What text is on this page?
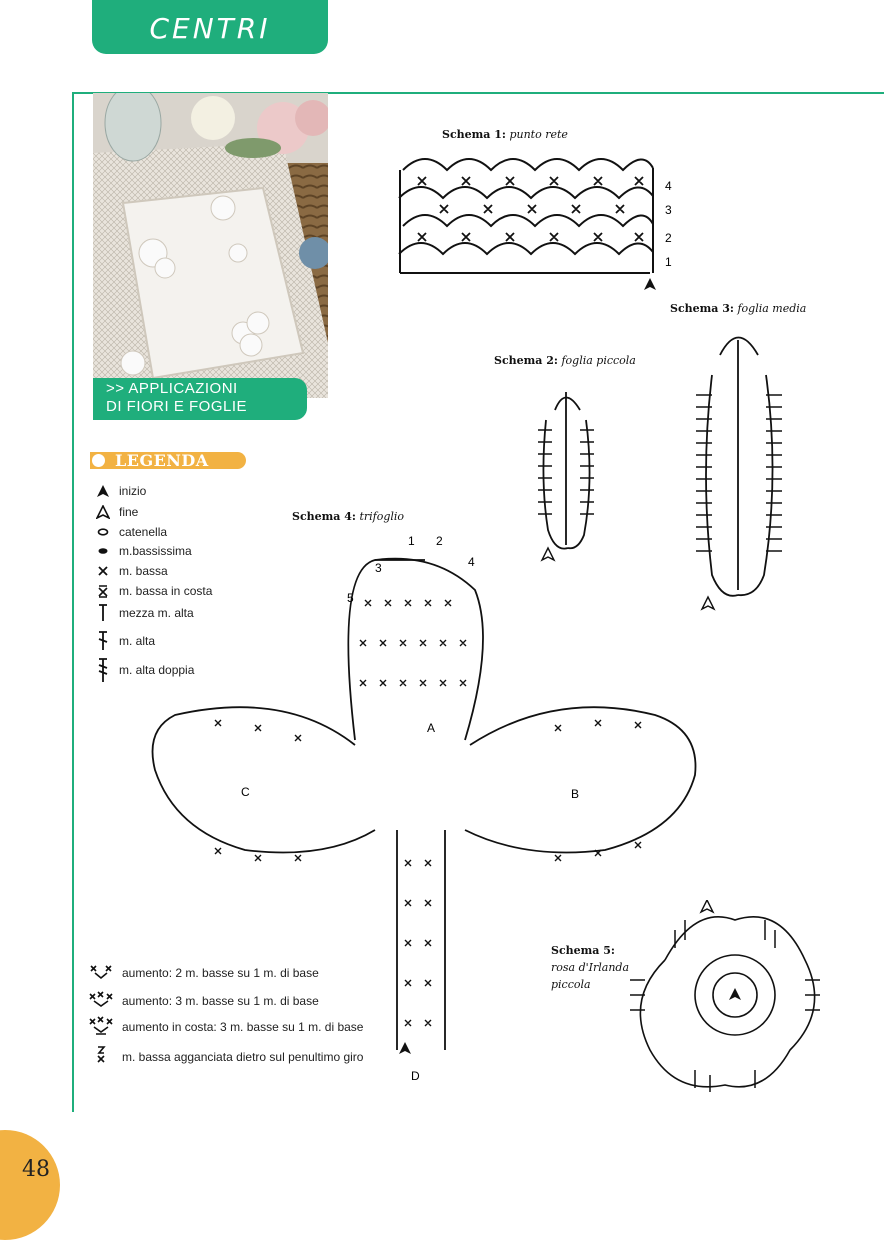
CENTRI
>> APPLICAZIONI
DI FIORI E FOGLIE
LEGENDA
inizio
fine
catenella
m.bassissima
m. bassa
m. bassa in costa
mezza m. alta
m. alta
m. alta doppia
aumento: 2 m. basse su 1 m. di base
aumento: 3 m. basse su 1 m. di base
aumento in costa: 3 m. basse su 1 m. di base
m. bassa agganciata dietro sul penultimo giro
Schema 1: punto rete
Schema 2: foglia piccola
Schema 3: foglia media
Schema 4: trifoglio
Schema 5:
rosa d'Irlanda
piccola
4
3
2
1
1 2
3	4
5
A
B
C
D
48
